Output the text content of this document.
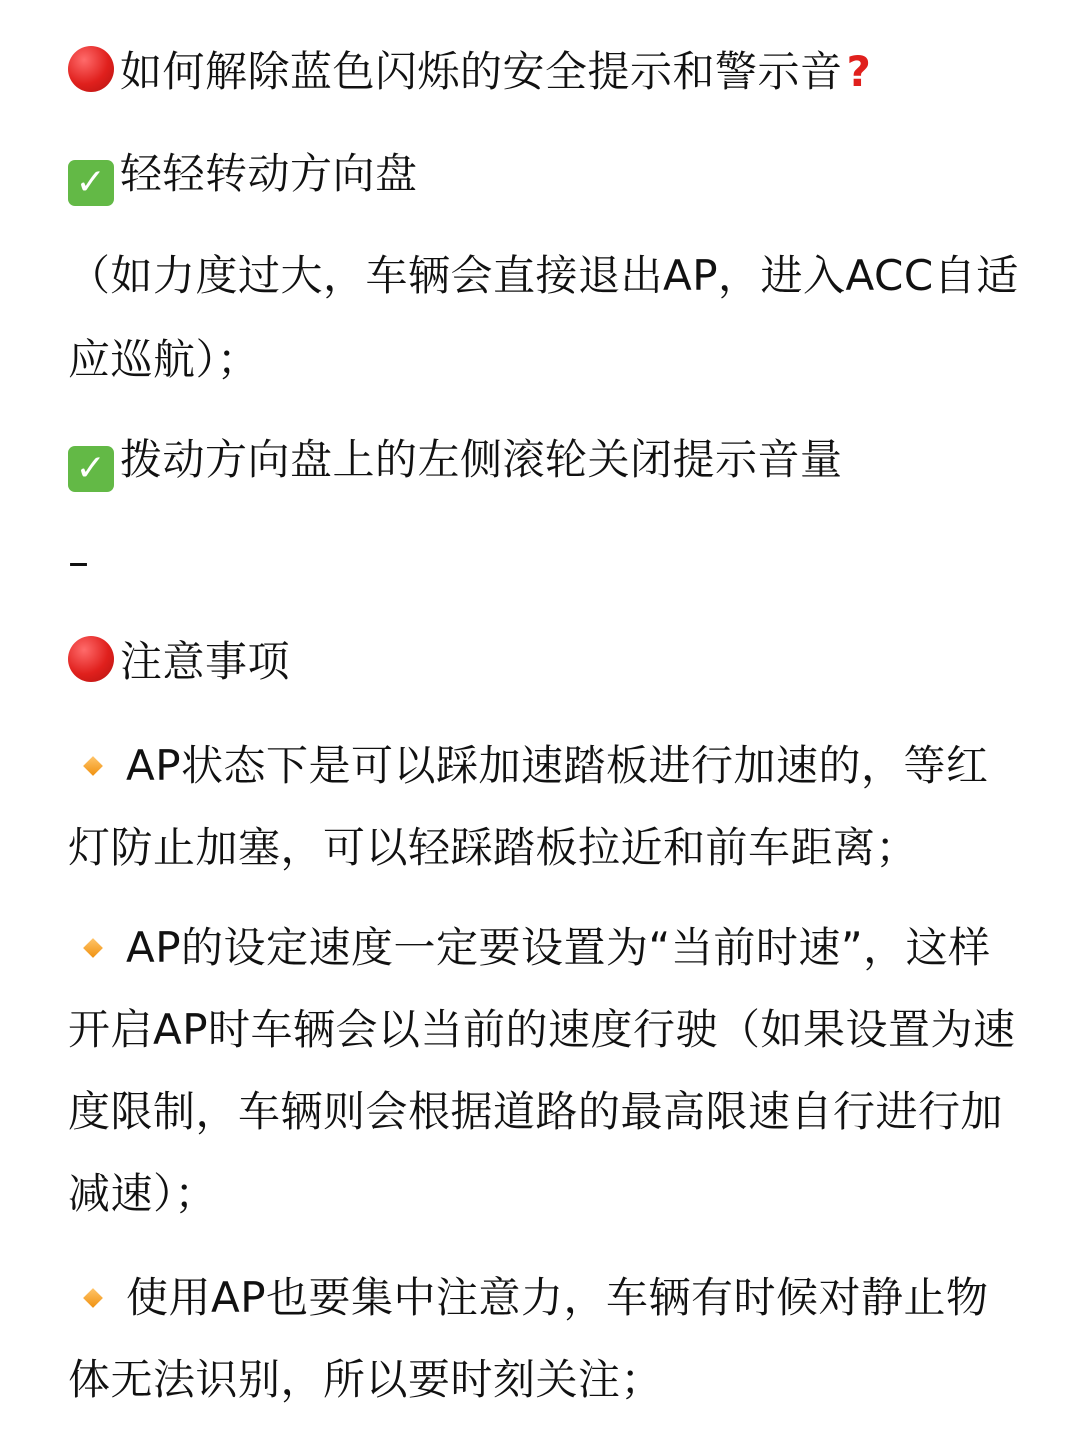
如何解除蓝色闪烁的安全提示和警示音?
✓ 轻轻转动方向盘
（如力度过大，车辆会直接退出AP，进入ACC自适
应巡航）；
✓ 拨动方向盘上的左侧滚轮关闭提示音量
–
注意事项
AP状态下是可以踩加速踏板进行加速的，等红
灯防止加塞，可以轻踩踏板拉近和前车距离；
AP的设定速度一定要设置为“当前时速”，这样
开启AP时车辆会以当前的速度行驶（如果设置为速
度限制，车辆则会根据道路的最高限速自行进行加
减速）；
使用AP也要集中注意力，车辆有时候对静止物
体无法识别，所以要时刻关注；
